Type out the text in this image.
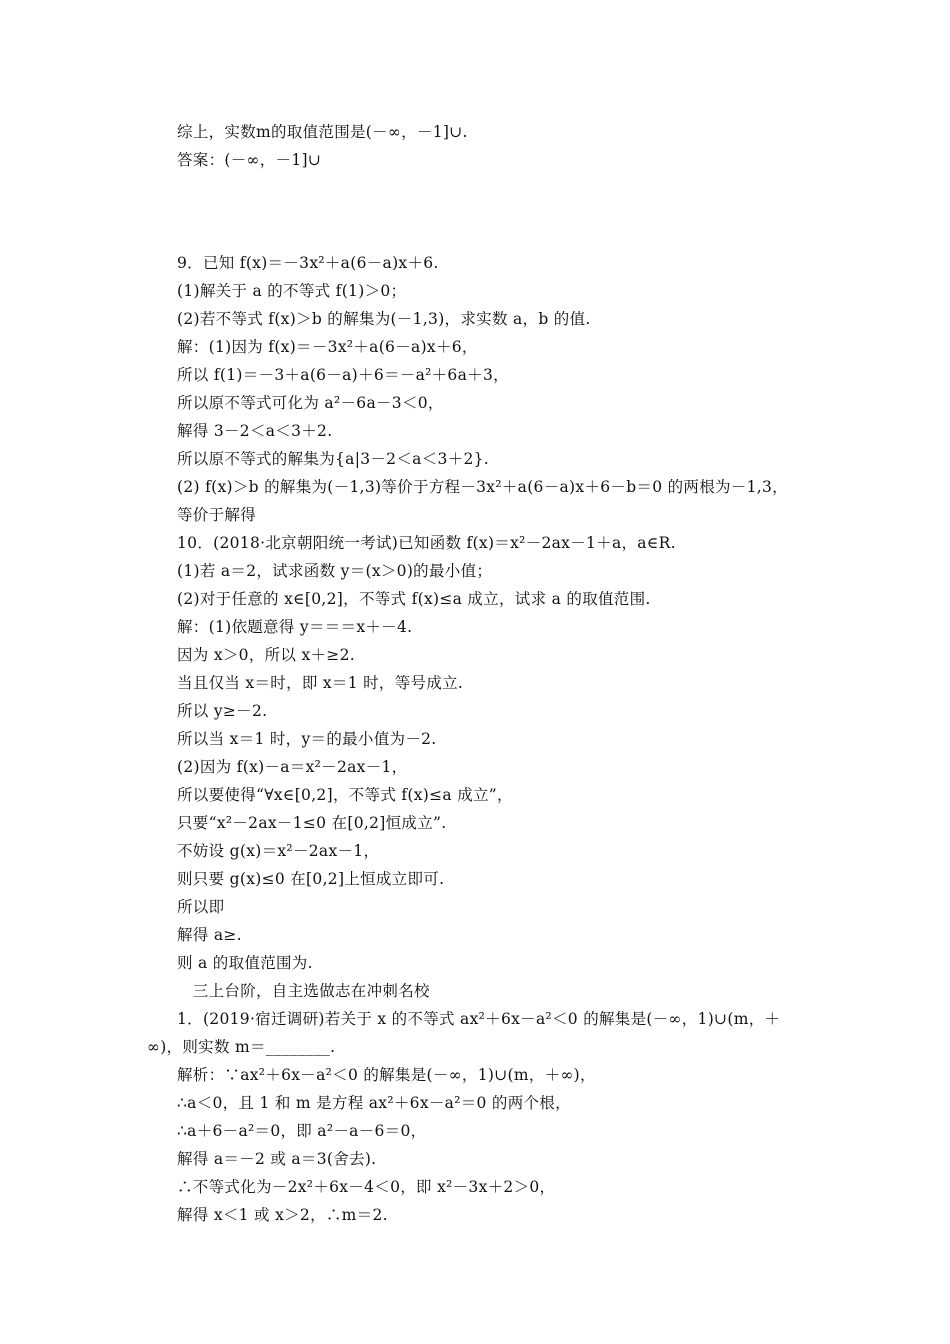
综上，实数m的取值范围是(－∞，－1]∪.
答案：(－∞，－1]∪
9．已知 f(x)＝－3x²＋a(6－a)x＋6.
(1)解关于 a 的不等式 f(1)＞0；
(2)若不等式 f(x)＞b 的解集为(－1,3)，求实数 a，b 的值.
解：(1)因为 f(x)＝－3x²＋a(6－a)x＋6，
所以 f(1)＝－3＋a(6－a)＋6＝－a²＋6a＋3，
所以原不等式可化为 a²－6a－3＜0，
解得 3－2＜a＜3＋2.
所以原不等式的解集为{a|3－2＜a＜3＋2}.
(2) f(x)＞b 的解集为(－1,3)等价于方程－3x²＋a(6－a)x＋6－b＝0 的两根为－1,3，
等价于解得
10．(2018·北京朝阳统一考试)已知函数 f(x)＝x²－2ax－1＋a，a∈R.
(1)若 a＝2，试求函数 y＝(x＞0)的最小值；
(2)对于任意的 x∈[0,2]，不等式 f(x)≤a 成立，试求 a 的取值范围.
解：(1)依题意得 y＝＝＝x＋－4.
因为 x＞0，所以 x＋≥2.
当且仅当 x＝时，即 x＝1 时，等号成立.
所以 y≥－2.
所以当 x＝1 时，y＝的最小值为－2.
(2)因为 f(x)－a＝x²－2ax－1，
所以要使得“∀x∈[0,2]，不等式 f(x)≤a 成立”，
只要“x²－2ax－1≤0 在[0,2]恒成立”.
不妨设 g(x)＝x²－2ax－1，
则只要 g(x)≤0 在[0,2]上恒成立即可.
所以即
解得 a≥.
则 a 的取值范围为.
　三上台阶，自主选做志在冲刺名校
1．(2019·宿迁调研)若关于 x 的不等式 ax²＋6x－a²＜0 的解集是(－∞，1)∪(m，＋
∞)，则实数 m＝________.
解析：∵ax²＋6x－a²＜0 的解集是(－∞，1)∪(m，＋∞)，
∴a＜0，且 1 和 m 是方程 ax²＋6x－a²＝0 的两个根，
∴a＋6－a²＝0，即 a²－a－6＝0，
解得 a＝－2 或 a＝3(舍去).
∴不等式化为－2x²＋6x－4＜0，即 x²－3x＋2＞0，
解得 x＜1 或 x＞2，∴m＝2.
